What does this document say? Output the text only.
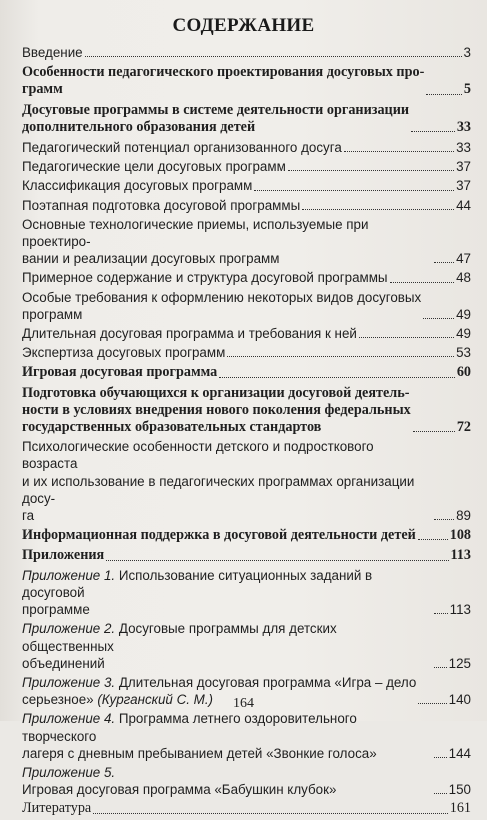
СОДЕРЖАНИЕ
Введение	3
Особенности педагогического проектирования досуговых про-
грамм	5
Досуговые программы в системе деятельности организации
дополнительного образования детей	33
Педагогический потенциал организованного досуга	33
Педагогические цели досуговых программ	37
Классификация досуговых программ	37
Поэтапная подготовка досуговой программы	44
Основные технологические приемы, используемые при проектиро-
вании и реализации досуговых программ	47
Примерное содержание и структура досуговой программы	48
Особые требования к оформлению некоторых видов досуговых
программ	49
Длительная досуговая программа и требования к ней	49
Экспертиза досуговых программ	53
Игровая досуговая программа	60
Подготовка обучающихся к организации досуговой деятель-
ности в условиях внедрения нового поколения федеральных
государственных образовательных стандартов	72
Психологические особенности детского и подросткового возраста
и их использование в педагогических программах организации досу-
га	89
Информационная поддержка в досуговой деятельности детей 108
Приложения	113
Приложение 1. Использование ситуационных заданий в досуговой
программе	113
Приложение 2. Досуговые программы для детских общественных
объединений	125
Приложение 3. Длительная досуговая программа «Игра – дело
серьезное» (Курганский С. М.)	140
Приложение 4. Программа летнего оздоровительного творческого
лагеря с дневным пребыванием детей «Звонкие голоса»	144
Приложение 5. Игровая досуговая программа «Бабушкин клубок»	150
Литература	161
164
